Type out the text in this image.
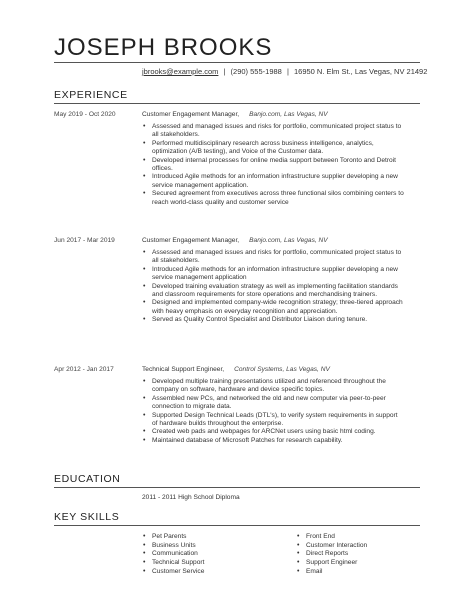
JOSEPH BROOKS
jbrooks@example.com | (290) 555-1988 | 16950 N. Elm St., Las Vegas, NV 21492
EXPERIENCE
May 2019 - Oct 2020	Customer Engagement Manager, Banjo.com, Las Vegas, NV
• Assessed and managed issues and risks for portfolio, communicated project status to all stakeholders.
• Performed multidisciplinary research across business intelligence, analytics, optimization (A/B testing), and Voice of the Customer data.
• Developed internal processes for online media support between Toronto and Detroit offices.
• Introduced Agile methods for an information infrastructure supplier developing a new service management application.
• Secured agreement from executives across three functional silos combining centers to reach world-class quality and customer service
Jun 2017 - Mar 2019	Customer Engagement Manager, Banjo.com, Las Vegas, NV
• Assessed and managed issues and risks for portfolio, communicated project status to all stakeholders.
• Introduced Agile methods for an information infrastructure supplier developing a new service management application
• Developed training evaluation strategy as well as implementing facilitation standards and classroom requirements for store operations and merchandising trainers.
• Designed and implemented company-wide recognition strategy; three-tiered approach with heavy emphasis on everyday recognition and appreciation.
• Served as Quality Control Specialist and Distributor Liaison during tenure.
Apr 2012 - Jan 2017	Technical Support Engineer, Control Systems, Las Vegas, NV
• Developed multiple training presentations utilized and referenced throughout the company on software, hardware and device specific topics.
• Assembled new PCs, and networked the old and new computer via peer-to-peer connection to migrate data.
• Supported Design Technical Leads (DTL's), to verify system requirements in support of hardware builds throughout the enterprise.
• Created web pads and webpages for ARCNet users using basic html coding.
• Maintained database of Microsoft Patches for research capability.
EDUCATION
2011 - 2011 High School Diploma
KEY SKILLS
• Pet Parents
• Business Units
• Communication
• Technical Support
• Customer Service
• Front End
• Customer Interaction
• Direct Reports
• Support Engineer
• Email
